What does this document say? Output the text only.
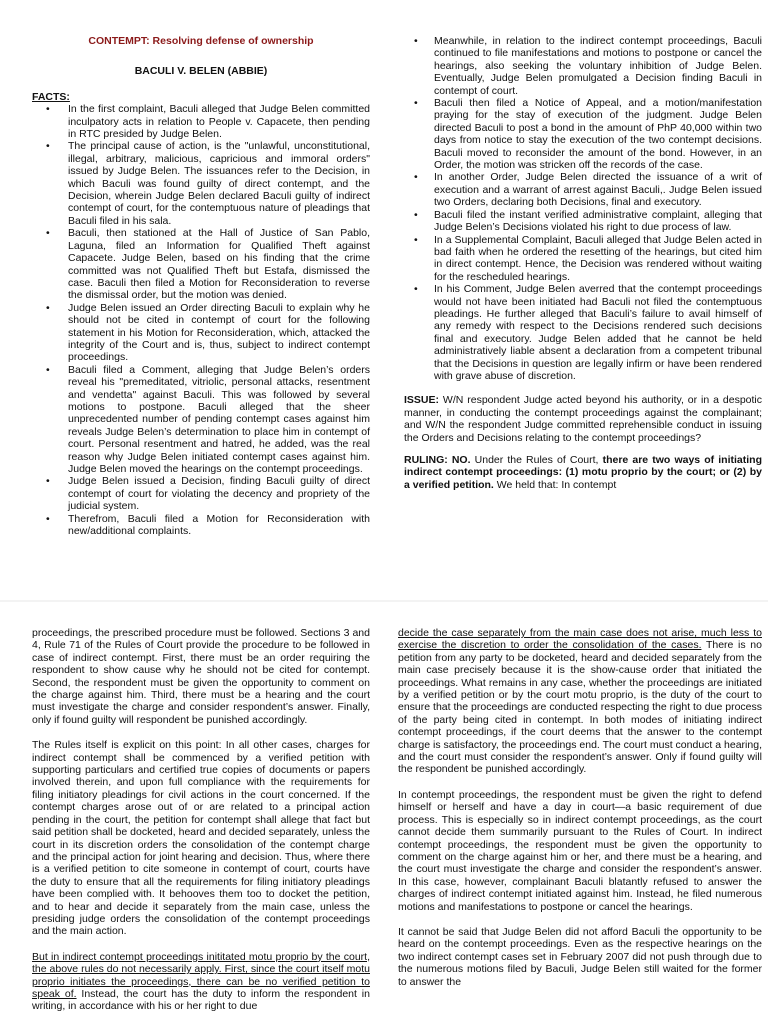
CONTEMPT: Resolving defense of ownership

BACULI V. BELEN (ABBIE)

FACTS:

• In the first complaint, Baculi alleged that Judge Belen committed inculpatory acts in relation to People v. Capacete, then pending in RTC presided by Judge Belen.
• The principal cause of action, is the "unlawful, unconstitutional, illegal, arbitrary, malicious, capricious and immoral orders" issued by Judge Belen. The issuances refer to the Decision, in which Baculi was found guilty of direct contempt, and the Decision, wherein Judge Belen declared Baculi guilty of indirect contempt of court, for the contemptuous nature of pleadings that Baculi filed in his sala.
• Baculi, then stationed at the Hall of Justice of San Pablo, Laguna, filed an Information for Qualified Theft against Capacete. Judge Belen, based on his finding that the crime committed was not Qualified Theft but Estafa, dismissed the case. Baculi then filed a Motion for Reconsideration to reverse the dismissal order, but the motion was denied.
• Judge Belen issued an Order directing Baculi to explain why he should not be cited in contempt of court for the following statement in his Motion for Reconsideration, which, attacked the integrity of the Court and is, thus, subject to indirect contempt proceedings.
• Baculi filed a Comment, alleging that Judge Belen’s orders reveal his "premeditated, vitriolic, personal attacks, resentment and vendetta" against Baculi. This was followed by several motions to postpone. Baculi alleged that the sheer unprecedented number of pending contempt cases against him reveals Judge Belen’s determination to place him in contempt of court. Personal resentment and hatred, he added, was the real reason why Judge Belen initiated contempt cases against him. Judge Belen moved the hearings on the contempt proceedings.
• Judge Belen issued a Decision, finding Baculi guilty of direct contempt of court for violating the decency and propriety of the judicial system.
• Therefrom, Baculi filed a Motion for Reconsideration with new/additional complaints.
• Meanwhile, in relation to the indirect contempt proceedings, Baculi continued to file manifestations and motions to postpone or cancel the hearings, also seeking the voluntary inhibition of Judge Belen. Eventually, Judge Belen promulgated a Decision finding Baculi in contempt of court.
• Baculi then filed a Notice of Appeal, and a motion/manifestation praying for the stay of execution of the judgment. Judge Belen directed Baculi to post a bond in the amount of PhP 40,000 within two days from notice to stay the execution of the two contempt decisions. Baculi moved to reconsider the amount of the bond. However, in an Order, the motion was stricken off the records of the case.
• In another Order, Judge Belen directed the issuance of a writ of execution and a warrant of arrest against Baculi,. Judge Belen issued two Orders, declaring both Decisions, final and executory.
• Baculi filed the instant verified administrative complaint, alleging that Judge Belen’s Decisions violated his right to due process of law.
• In a Supplemental Complaint, Baculi alleged that Judge Belen acted in bad faith when he ordered the resetting of the hearings, but cited him in direct contempt. Hence, the Decision was rendered without waiting for the rescheduled hearings.
• In his Comment, Judge Belen averred that the contempt proceedings would not have been initiated had Baculi not filed the contemptuous pleadings. He further alleged that Baculi’s failure to avail himself of any remedy with respect to the Decisions rendered such decisions final and executory. Judge Belen added that he cannot be held administratively liable absent a declaration from a competent tribunal that the Decisions in question are legally infirm or have been rendered with grave abuse of discretion.

ISSUE: W/N respondent Judge acted beyond his authority, or in a despotic manner, in conducting the contempt proceedings against the complainant; and W/N the respondent Judge committed reprehensible conduct in issuing the Orders and Decisions relating to the contempt proceedings?

RULING: NO. Under the Rules of Court, there are two ways of initiating indirect contempt proceedings: (1) motu proprio by the court; or (2) by a verified petition. We held that: In contempt

proceedings, the prescribed procedure must be followed. Sections 3 and 4, Rule 71 of the Rules of Court provide the procedure to be followed in case of indirect contempt. First, there must be an order requiring the respondent to show cause why he should not be cited for contempt. Second, the respondent must be given the opportunity to comment on the charge against him. Third, there must be a hearing and the court must investigate the charge and consider respondent’s answer. Finally, only if found guilty will respondent be punished accordingly.

The Rules itself is explicit on this point: In all other cases, charges for indirect contempt shall be commenced by a verified petition with supporting particulars and certified true copies of documents or papers involved therein, and upon full compliance with the requirements for filing initiatory pleadings for civil actions in the court concerned. If the contempt charges arose out of or are related to a principal action pending in the court, the petition for contempt shall allege that fact but said petition shall be docketed, heard and decided separately, unless the court in its discretion orders the consolidation of the contempt charge and the principal action for joint hearing and decision. Thus, where there is a verified petition to cite someone in contempt of court, courts have the duty to ensure that all the requirements for filing initiatory pleadings have been complied with. It behooves them too to docket the petition, and to hear and decide it separately from the main case, unless the presiding judge orders the consolidation of the contempt proceedings and the main action.

But in indirect contempt proceedings inititated motu proprio by the court, the above rules do not necessarily apply. First, since the court itself motu proprio initiates the proceedings, there can be no verified petition to speak of. Instead, the court has the duty to inform the respondent in writing, in accordance with his or her right to due

decide the case separately from the main case does not arise, much less to exercise the discretion to order the consolidation of the cases. There is no petition from any party to be docketed, heard and decided separately from the main case precisely because it is the show-cause order that initiated the proceedings. What remains in any case, whether the proceedings are initiated by a verified petition or by the court motu proprio, is the duty of the court to ensure that the proceedings are conducted respecting the right to due process of the party being cited in contempt. In both modes of initiating indirect contempt proceedings, if the court deems that the answer to the contempt charge is satisfactory, the proceedings end. The court must conduct a hearing, and the court must consider the respondent’s answer. Only if found guilty will the respondent be punished accordingly.

In contempt proceedings, the respondent must be given the right to defend himself or herself and have a day in court—a basic requirement of due process. This is especially so in indirect contempt proceedings, as the court cannot decide them summarily pursuant to the Rules of Court. In indirect contempt proceedings, the respondent must be given the opportunity to comment on the charge against him or her, and there must be a hearing, and the court must investigate the charge and consider the respondent’s answer. In this case, however, complainant Baculi blatantly refused to answer the charges of indirect contempt initiated against him. Instead, he filed numerous motions and manifestations to postpone or cancel the hearings.

It cannot be said that Judge Belen did not afford Baculi the opportunity to be heard on the contempt proceedings. Even as the respective hearings on the two indirect contempt cases set in February 2007 did not push through due to the numerous motions filed by Baculi, Judge Belen still waited for the former to answer the
